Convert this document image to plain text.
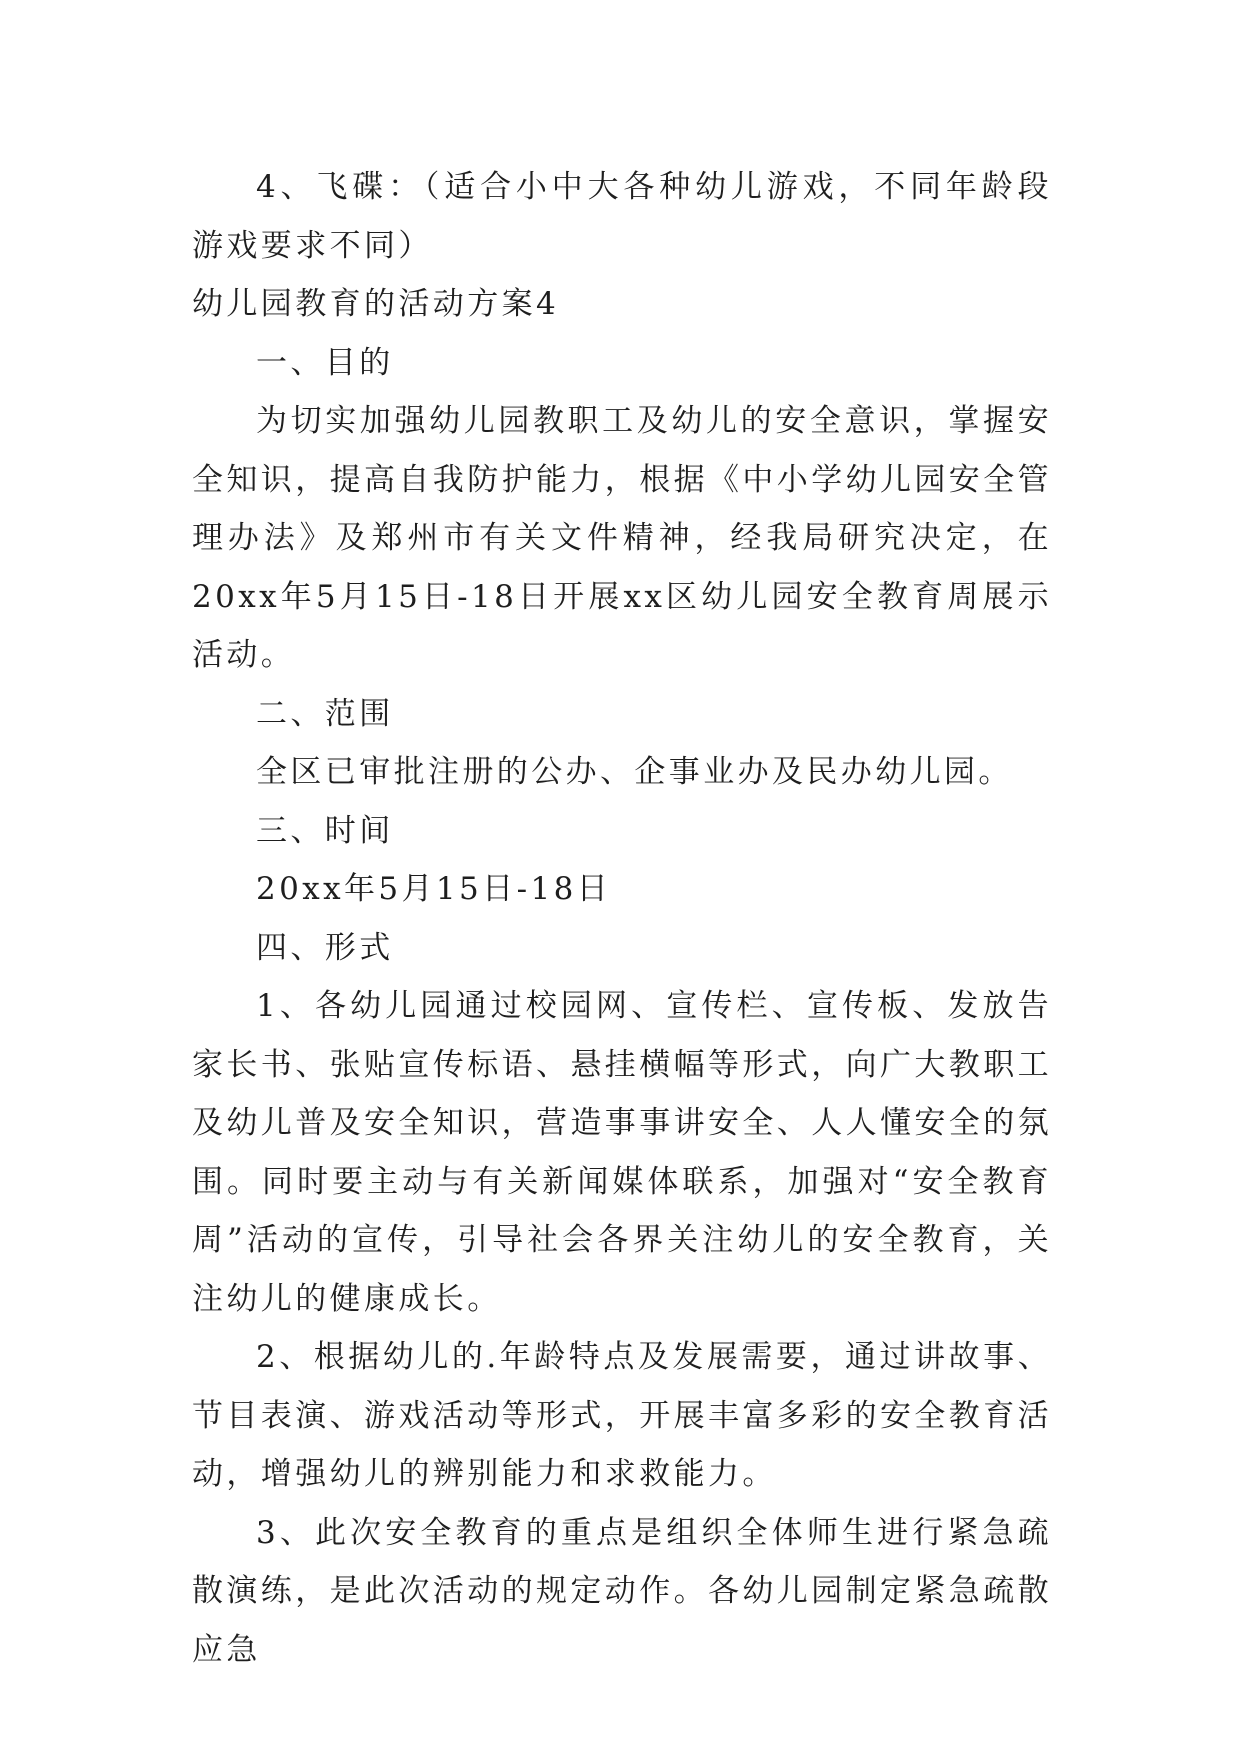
4、飞碟：（适合小中大各种幼儿游戏，不同年龄段游戏要求不同）

幼儿园教育的活动方案4

一、目的

为切实加强幼儿园教职工及幼儿的安全意识，掌握安全知识，提高自我防护能力，根据《中小学幼儿园安全管理办法》及郑州市有关文件精神，经我局研究决定，在20xx年5月15日-18日开展xx区幼儿园安全教育周展示活动。

二、范围

全区已审批注册的公办、企事业办及民办幼儿园。

三、时间

20xx年5月15日-18日

四、形式

1、各幼儿园通过校园网、宣传栏、宣传板、发放告家长书、张贴宣传标语、悬挂横幅等形式，向广大教职工及幼儿普及安全知识，营造事事讲安全、人人懂安全的氛围。同时要主动与有关新闻媒体联系，加强对“安全教育周”活动的宣传，引导社会各界关注幼儿的安全教育，关注幼儿的健康成长。

2、根据幼儿的.年龄特点及发展需要，通过讲故事、节目表演、游戏活动等形式，开展丰富多彩的安全教育活动，增强幼儿的辨别能力和求救能力。

3、此次安全教育的重点是组织全体师生进行紧急疏散演练，是此次活动的规定动作。各幼儿园制定紧急疏散应急
